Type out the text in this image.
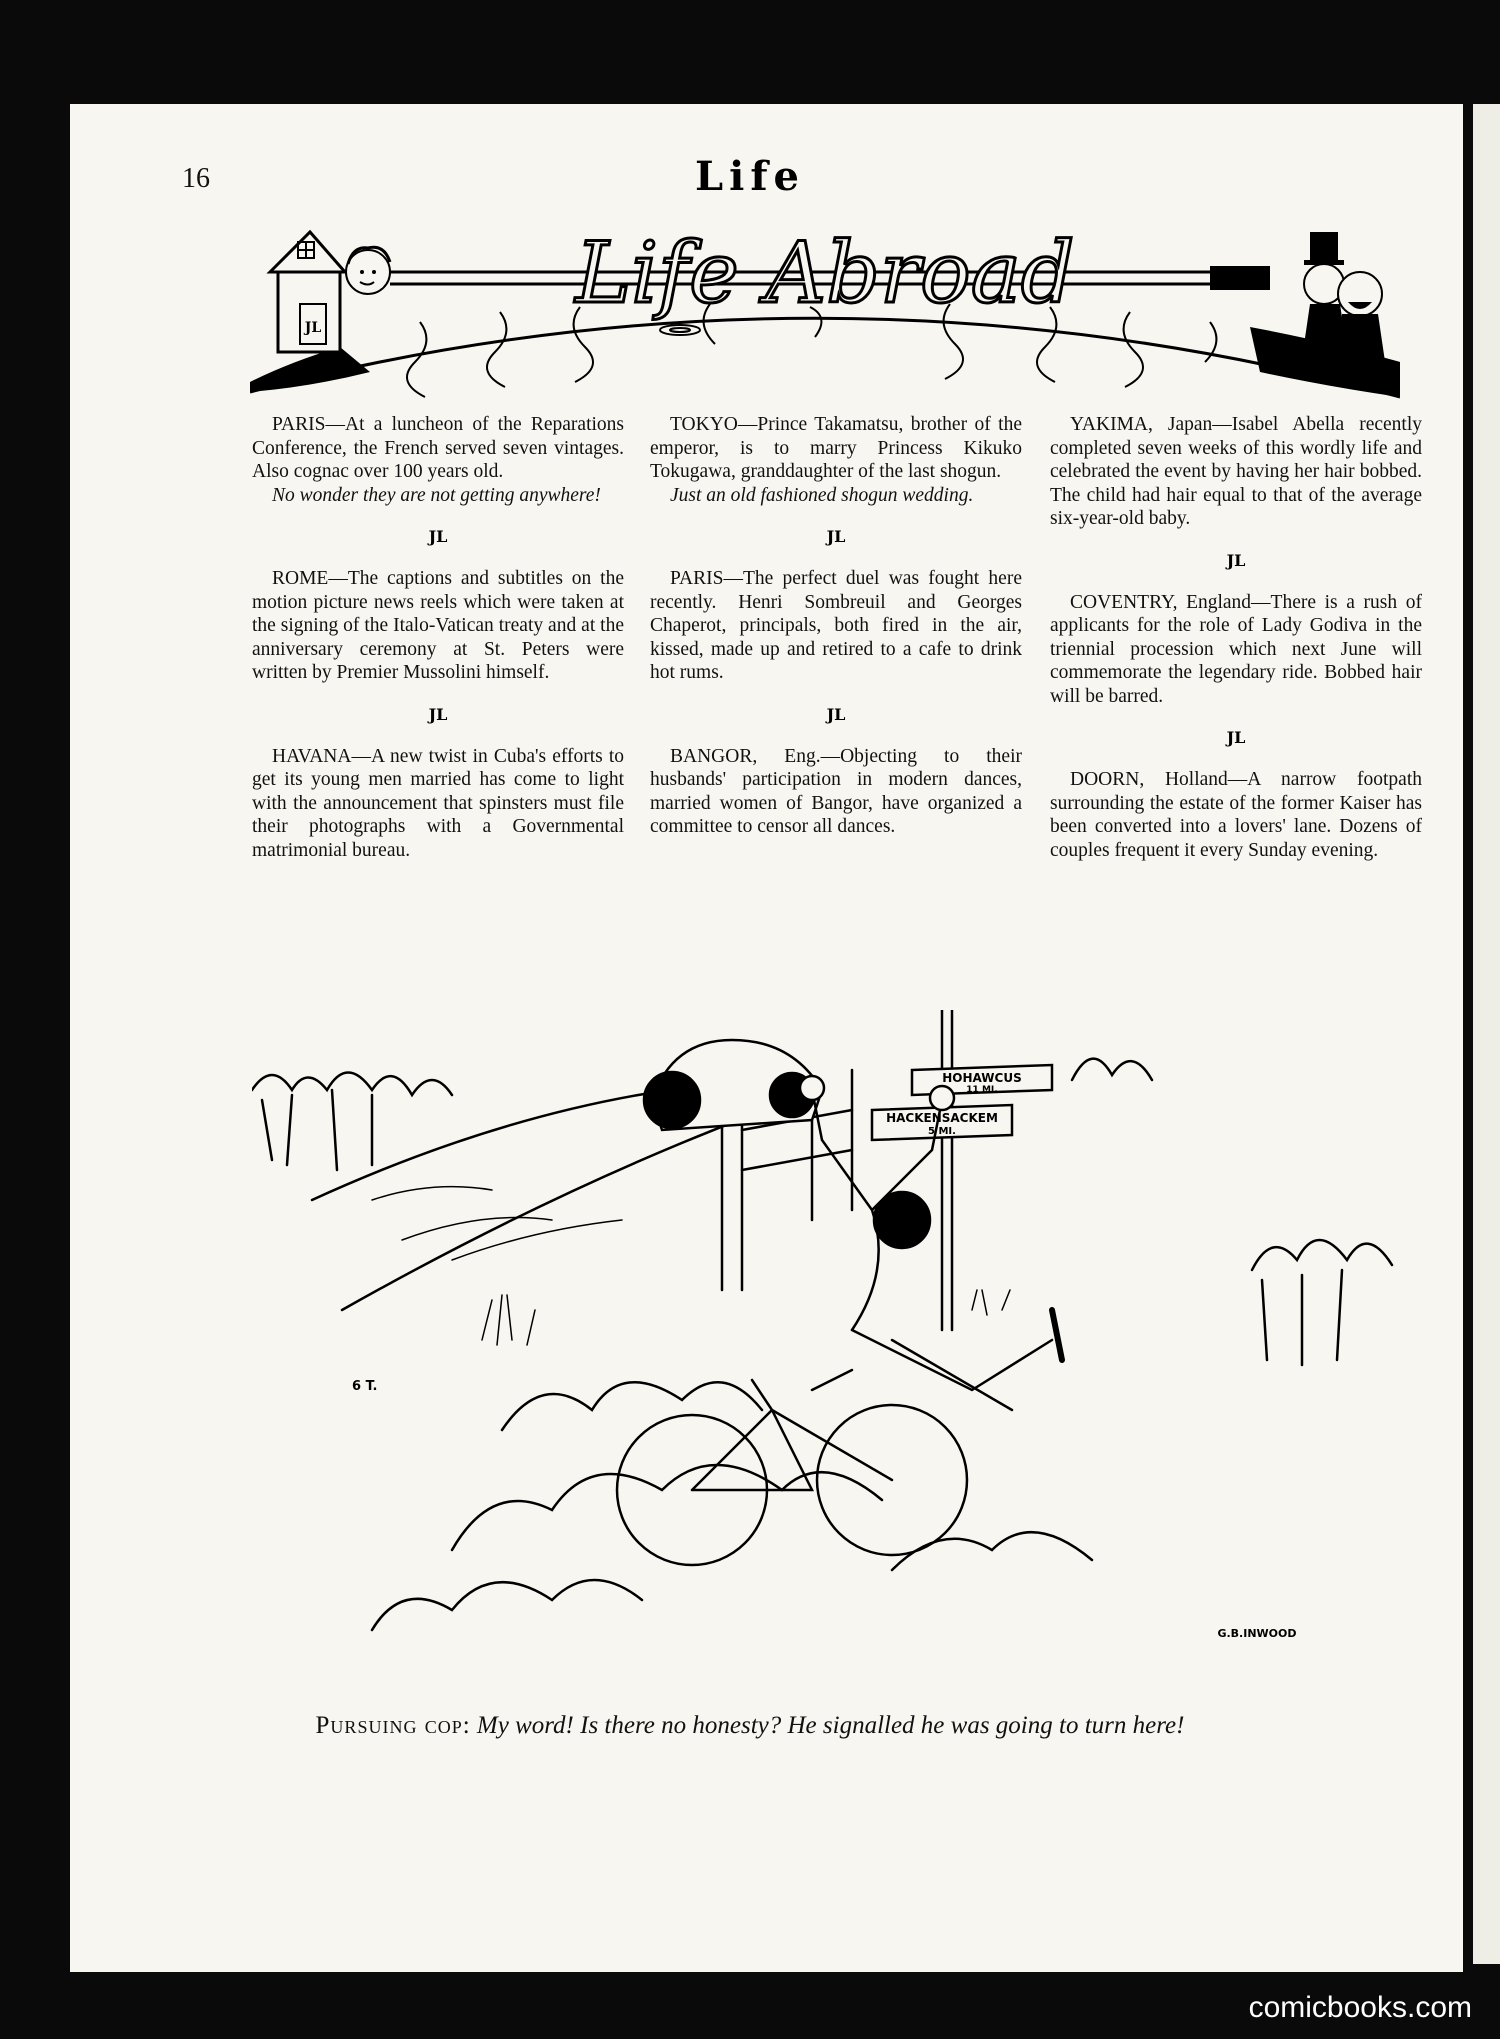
16	Life
JL
Life Abroad

PARIS—At a luncheon of the Reparations Conference, the French served seven vintages. Also cognac over 100 years old.

No wonder they are not getting anywhere!

JL

ROME—The captions and subtitles on the motion picture news reels which were taken at the signing of the Italo-Vatican treaty and at the anniversary ceremony at St. Peters were written by Premier Mussolini himself.

JL

HAVANA—A new twist in Cuba's efforts to get its young men married has come to light with the announcement that spinsters must file their photographs with a Governmental matrimonial bureau.

TOKYO—Prince Takamatsu, brother of the emperor, is to marry Princess Kikuko Tokugawa, granddaughter of the last shogun.

Just an old fashioned shogun wedding.

JL

PARIS—The perfect duel was fought here recently. Henri Sombreuil and Georges Chaperot, principals, both fired in the air, kissed, made up and retired to a cafe to drink hot rums.

JL

BANGOR, Eng.—Objecting to their husbands' participation in modern dances, married women of Bangor, have organized a committee to censor all dances.

YAKIMA, Japan—Isabel Abella recently completed seven weeks of this wordly life and celebrated the event by having her hair bobbed. The child had hair equal to that of the average six-year-old baby.

JL

COVENTRY, England—There is a rush of applicants for the role of Lady Godiva in the triennial procession which next June will commemorate the legendary ride. Bobbed hair will be barred.

JL

DOORN, Holland—A narrow footpath surrounding the estate of the former Kaiser has been converted into a lovers' lane. Dozens of couples frequent it every Sunday evening.

HOHAWCUS
11 MI.
HACKENSACKEM
5 MI.
G.B.INWOOD
6 T.
Pursuing cop: My word! Is there no honesty? He signalled he was going to turn here!
comicbooks.com
